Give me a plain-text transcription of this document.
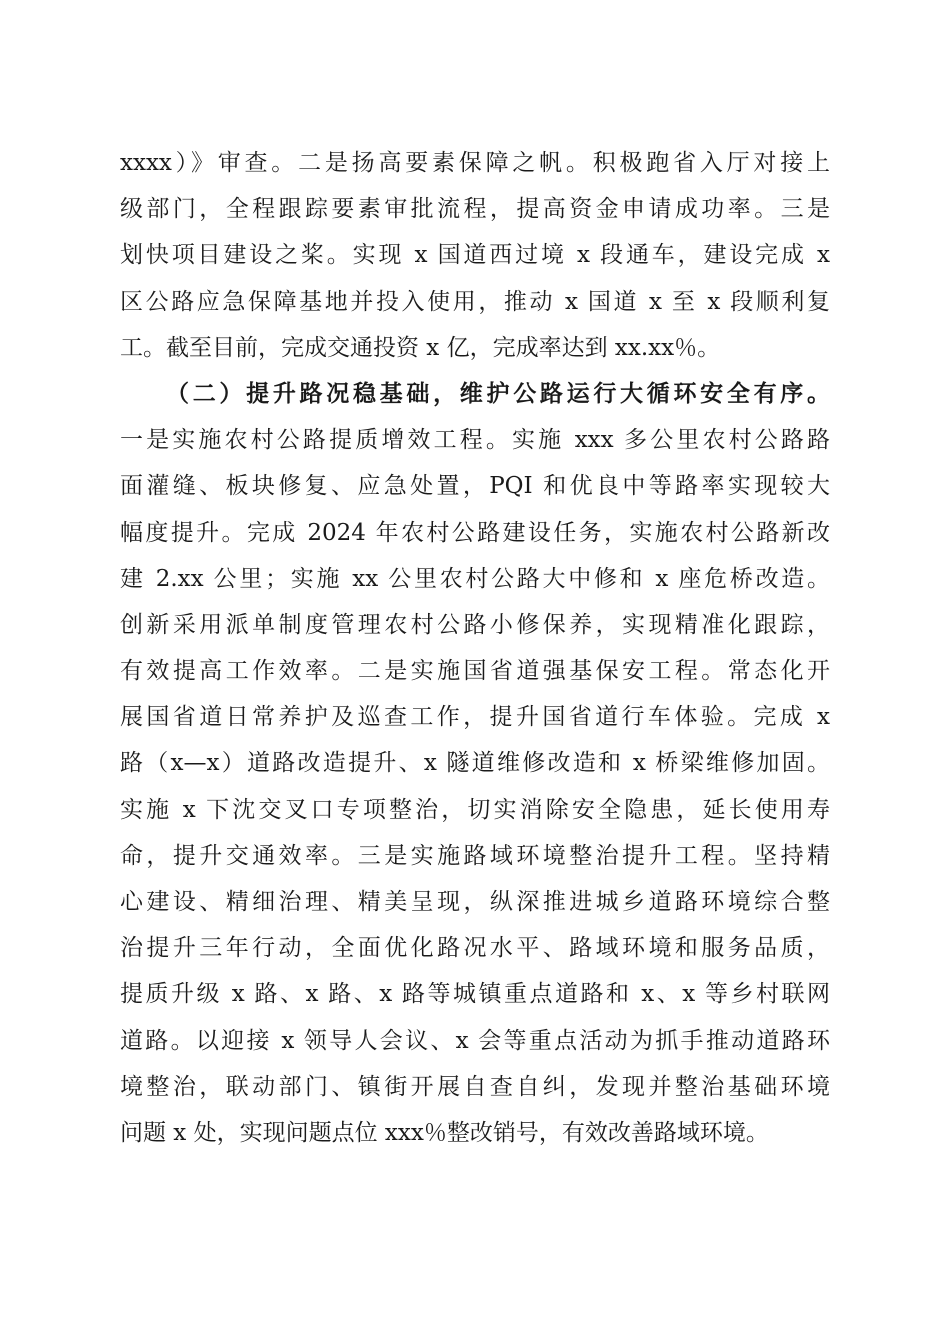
xxxx）》审查。二是扬高要素保障之帆。积极跑省入厅对接上
级部门，全程跟踪要素审批流程，提高资金申请成功率。三是
划快项目建设之桨。实现 x 国道西过境 x 段通车，建设完成 x
区公路应急保障基地并投入使用，推动 x 国道 x 至 x 段顺利复
工。截至目前，完成交通投资 x 亿，完成率达到 xx.xx％。
（二）提升路况稳基础，维护公路运行大循环安全有序。
一是实施农村公路提质增效工程。实施 xxx 多公里农村公路路
面灌缝、板块修复、应急处置，PQI 和优良中等路率实现较大
幅度提升。完成 2024 年农村公路建设任务，实施农村公路新改
建 2.xx 公里；实施 xx 公里农村公路大中修和 x 座危桥改造。
创新采用派单制度管理农村公路小修保养，实现精准化跟踪，
有效提高工作效率。二是实施国省道强基保安工程。常态化开
展国省道日常养护及巡查工作，提升国省道行车体验。完成 x
路（x—x）道路改造提升、x 隧道维修改造和 x 桥梁维修加固。
实施 x 下沈交叉口专项整治，切实消除安全隐患，延长使用寿
命，提升交通效率。三是实施路域环境整治提升工程。坚持精
心建设、精细治理、精美呈现，纵深推进城乡道路环境综合整
治提升三年行动，全面优化路况水平、路域环境和服务品质，
提质升级 x 路、x 路、x 路等城镇重点道路和 x、x 等乡村联网
道路。以迎接 x 领导人会议、x 会等重点活动为抓手推动道路环
境整治，联动部门、镇街开展自查自纠，发现并整治基础环境
问题 x 处，实现问题点位 xxx％整改销号，有效改善路域环境。
